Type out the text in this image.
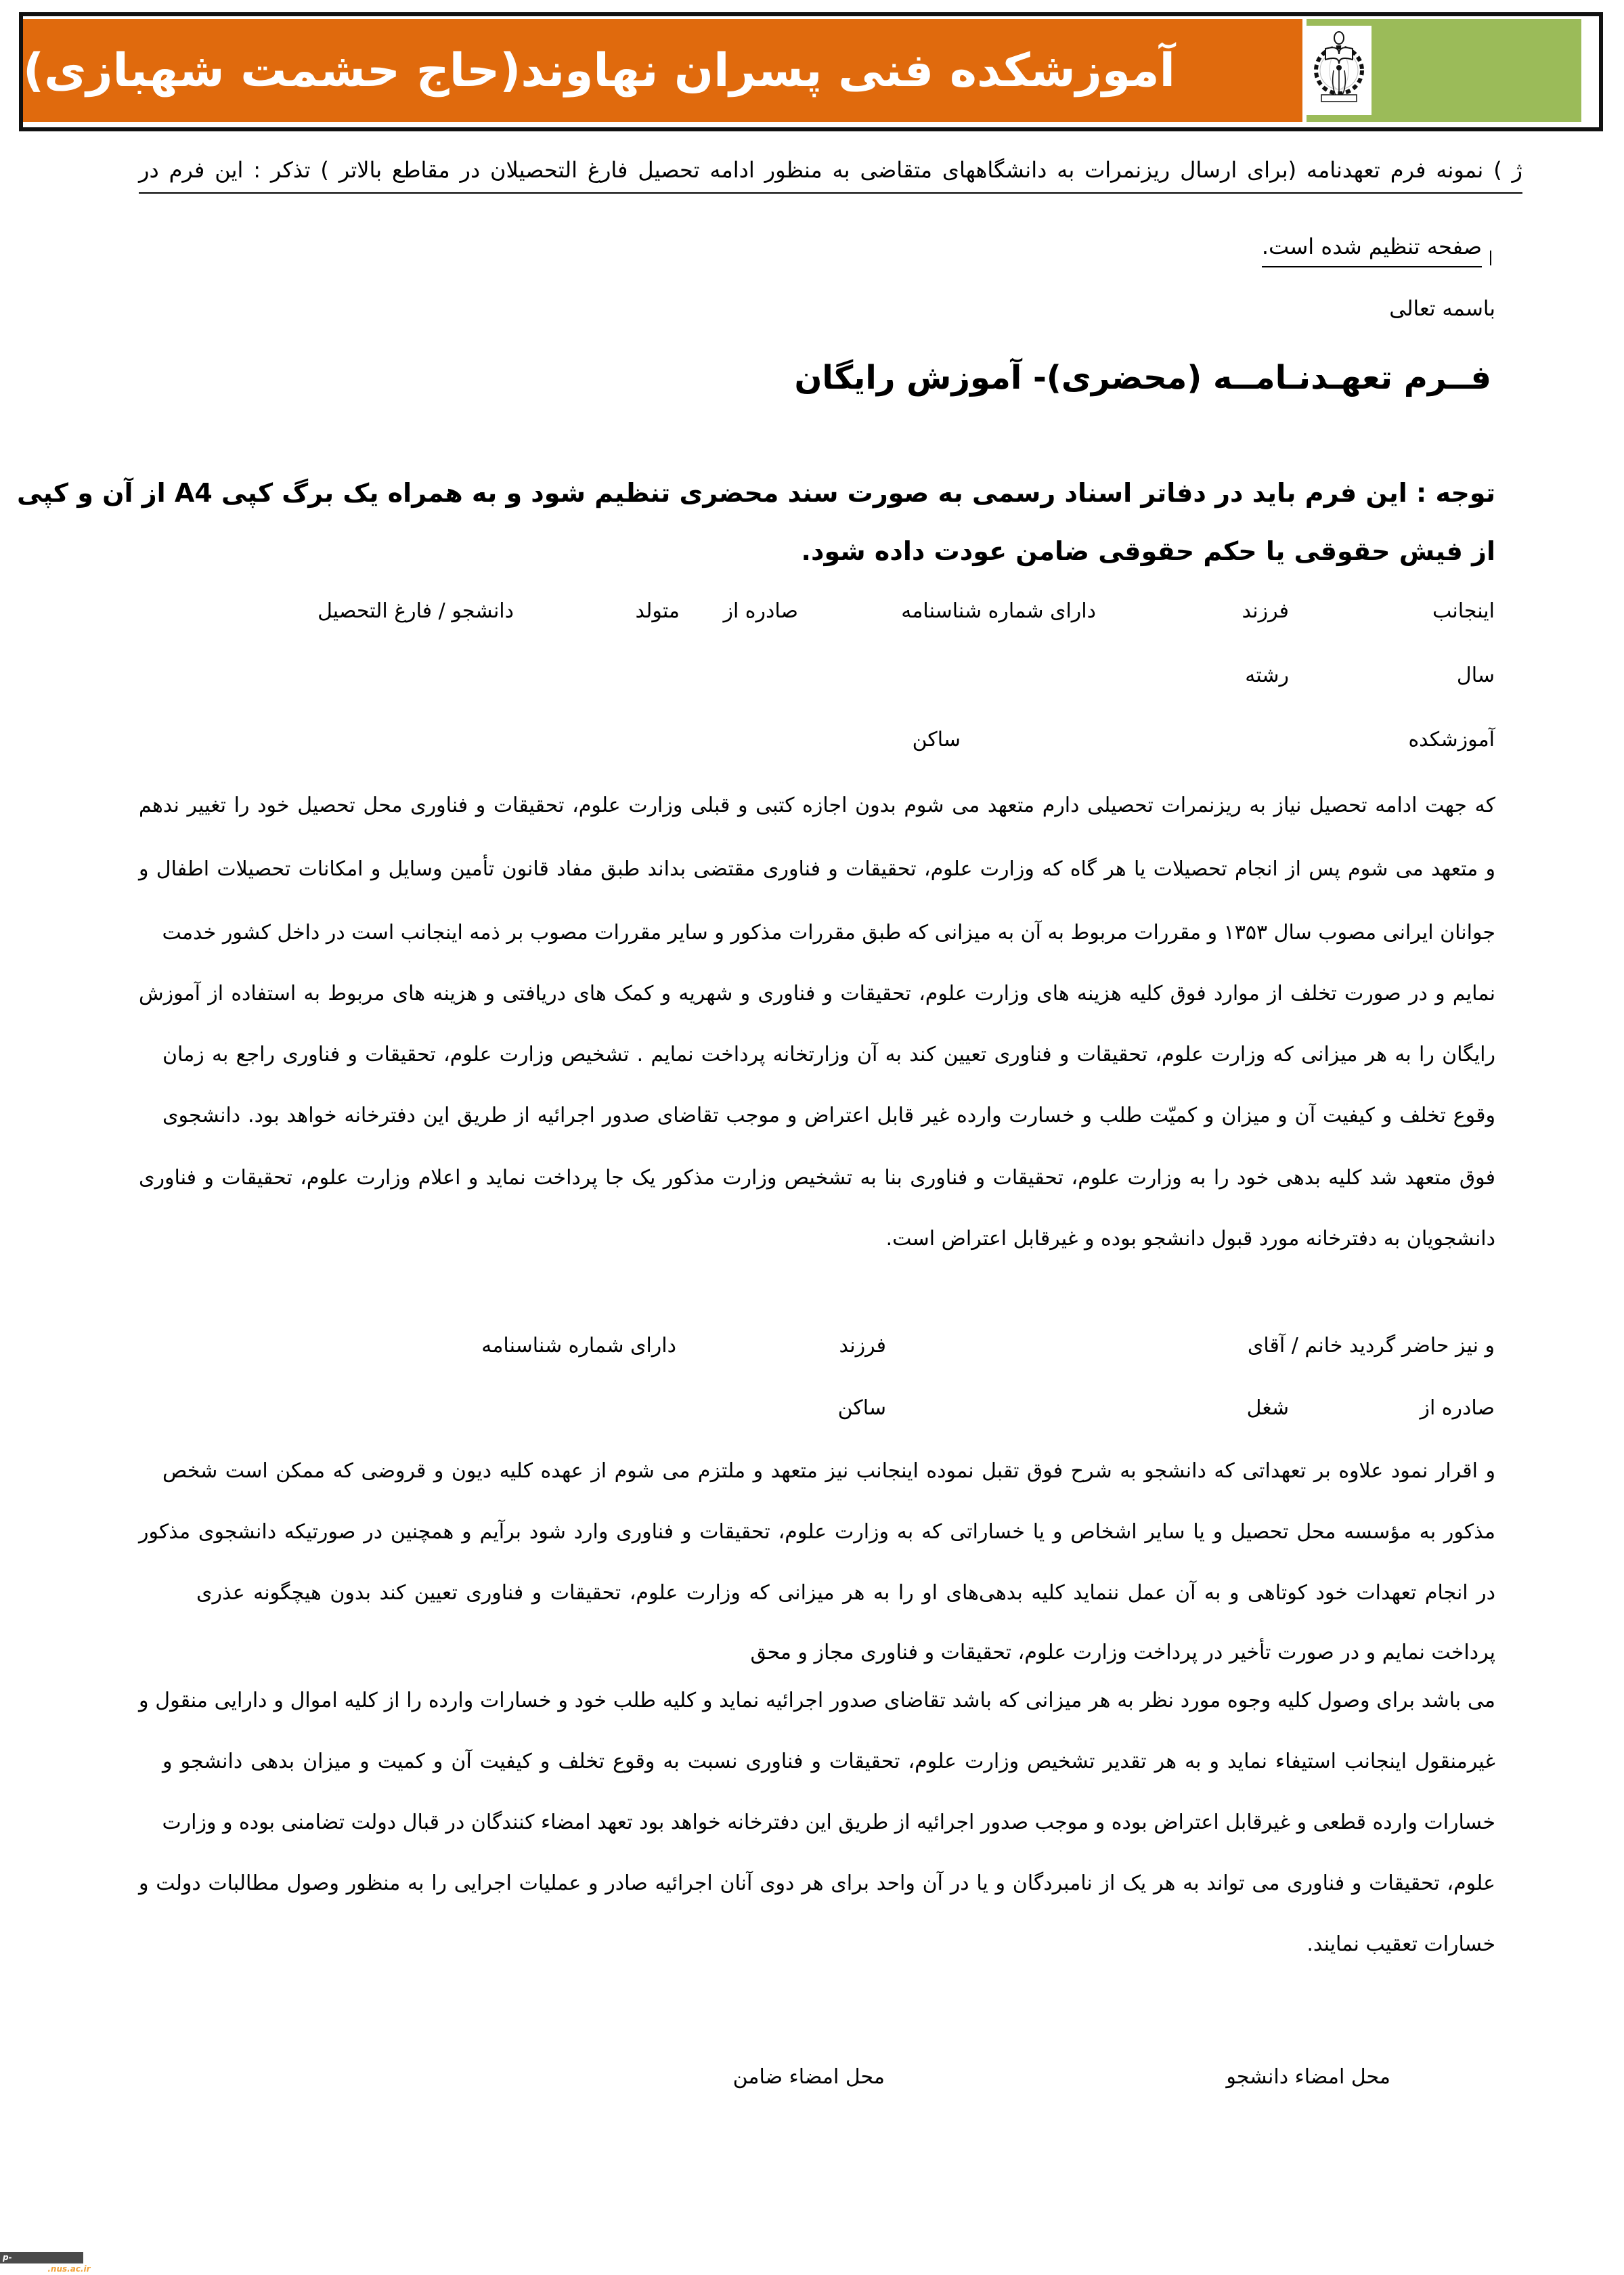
آموزشکده فنی پسران نهاوند(حاج حشمت شهبازی)
ژ ) نمونه فرم تعهدنامه (برای ارسال ریزنمرات به دانشگاههای متقاضی به منظور ادامه تحصیل فارغ التحصیلان در مقاطع بالاتر ) تذکر : این فرم در
صفحه تنظیم شده است.
باسمه تعالی
فــرم تعهـدنـامــه (محضری)- آموزش رایگان
توجه : این فرم باید در دفاتر اسناد رسمی به صورت سند محضری تنظیم شود و به همراه یک برگ کپی A4 از آن و کپی
از فیش حقوقی یا حکم حقوقی ضامن عودت داده شود.
اینجانب
فرزند
دارای شماره شناسنامه
صادره از
متولد
دانشجو / فارغ التحصیل
سال
رشته
آموزشکده
ساکن
که جهت ادامه تحصیل نیاز به ریزنمرات تحصیلی دارم متعهد می شوم بدون اجازه کتبی و قبلی وزارت علوم، تحقیقات و فناوری محل تحصیل خود را تغییر ندهم
و متعهد می شوم پس از انجام تحصیلات یا هر گاه که وزارت علوم، تحقیقات و فناوری مقتضی بداند طبق مفاد قانون تأمین وسایل و امکانات تحصیلات اطفال و
جوانان ایرانی مصوب سال ۱۳۵۳ و مقررات مربوط به آن به میزانی که طبق مقررات مذکور و سایر مقررات مصوب بر ذمه اینجانب است در داخل کشور خدمت
نمایم و در صورت تخلف از موارد فوق کلیه هزینه های وزارت علوم، تحقیقات و فناوری و شهریه و کمک های دریافتی و هزینه های مربوط به استفاده از آموزش
رایگان را به هر میزانی که وزارت علوم، تحقیقات و فناوری تعیین کند به آن وزارتخانه پرداخت نمایم . تشخیص وزارت علوم، تحقیقات و فناوری راجع به زمان
وقوع تخلف و کیفیت آن و میزان و کمیّت طلب و خسارت وارده غیر قابل اعتراض و موجب تقاضای صدور اجرائیه از طریق این دفترخانه خواهد بود. دانشجوی
فوق متعهد شد کلیه بدهی خود را به وزارت علوم، تحقیقات و فناوری بنا به تشخیص وزارت مذکور یک جا پرداخت نماید و اعلام وزارت علوم، تحقیقات و فناوری
دانشجویان به دفترخانه مورد قبول دانشجو بوده و غیرقابل اعتراض است.
و نیز حاضر گردید خانم / آقای
فرزند
دارای شماره شناسنامه
صادره از
شغل
ساکن
و اقرار نمود علاوه بر تعهداتی که دانشجو به شرح فوق تقبل نموده اینجانب نیز متعهد و ملتزم می شوم از عهده کلیه دیون و قروضی که ممکن است شخص
مذکور به مؤسسه محل تحصیل و یا سایر اشخاص و یا خساراتی که به وزارت علوم، تحقیقات و فناوری وارد شود برآیم و همچنین در صورتیکه دانشجوی مذکور
در انجام تعهدات خود کوتاهی و به آن عمل ننماید کلیه بدهی‌های او را به هر میزانی که وزارت علوم، تحقیقات و فناوری تعیین کند بدون هیچگونه عذری
پرداخت نمایم و در صورت تأخیر در پرداخت وزارت علوم، تحقیقات و فناوری مجاز و محق
می باشد برای وصول کلیه وجوه مورد نظر به هر میزانی که باشد تقاضای صدور اجرائیه نماید و کلیه طلب خود و خسارات وارده را از کلیه اموال و دارایی منقول و
غیرمنقول اینجانب استیفاء نماید و به هر تقدیر تشخیص وزارت علوم، تحقیقات و فناوری نسبت به وقوع تخلف و کیفیت آن و کمیت و میزان بدهی دانشجو و
خسارات وارده قطعی و غیرقابل اعتراض بوده و موجب صدور اجرائیه از طریق این دفترخانه خواهد بود تعهد امضاء کنندگان در قبال دولت تضامنی بوده و وزارت
علوم، تحقیقات و فناوری می تواند به هر یک از نامبردگان و یا در آن واحد برای هر دوی آنان اجرائیه صادر و عملیات اجرایی را به منظور وصول مطالبات دولت و
خسارات تعقیب نمایند.
محل امضاء دانشجو
محل امضاء ضامن
p-nahavand.nus.ac.ir
